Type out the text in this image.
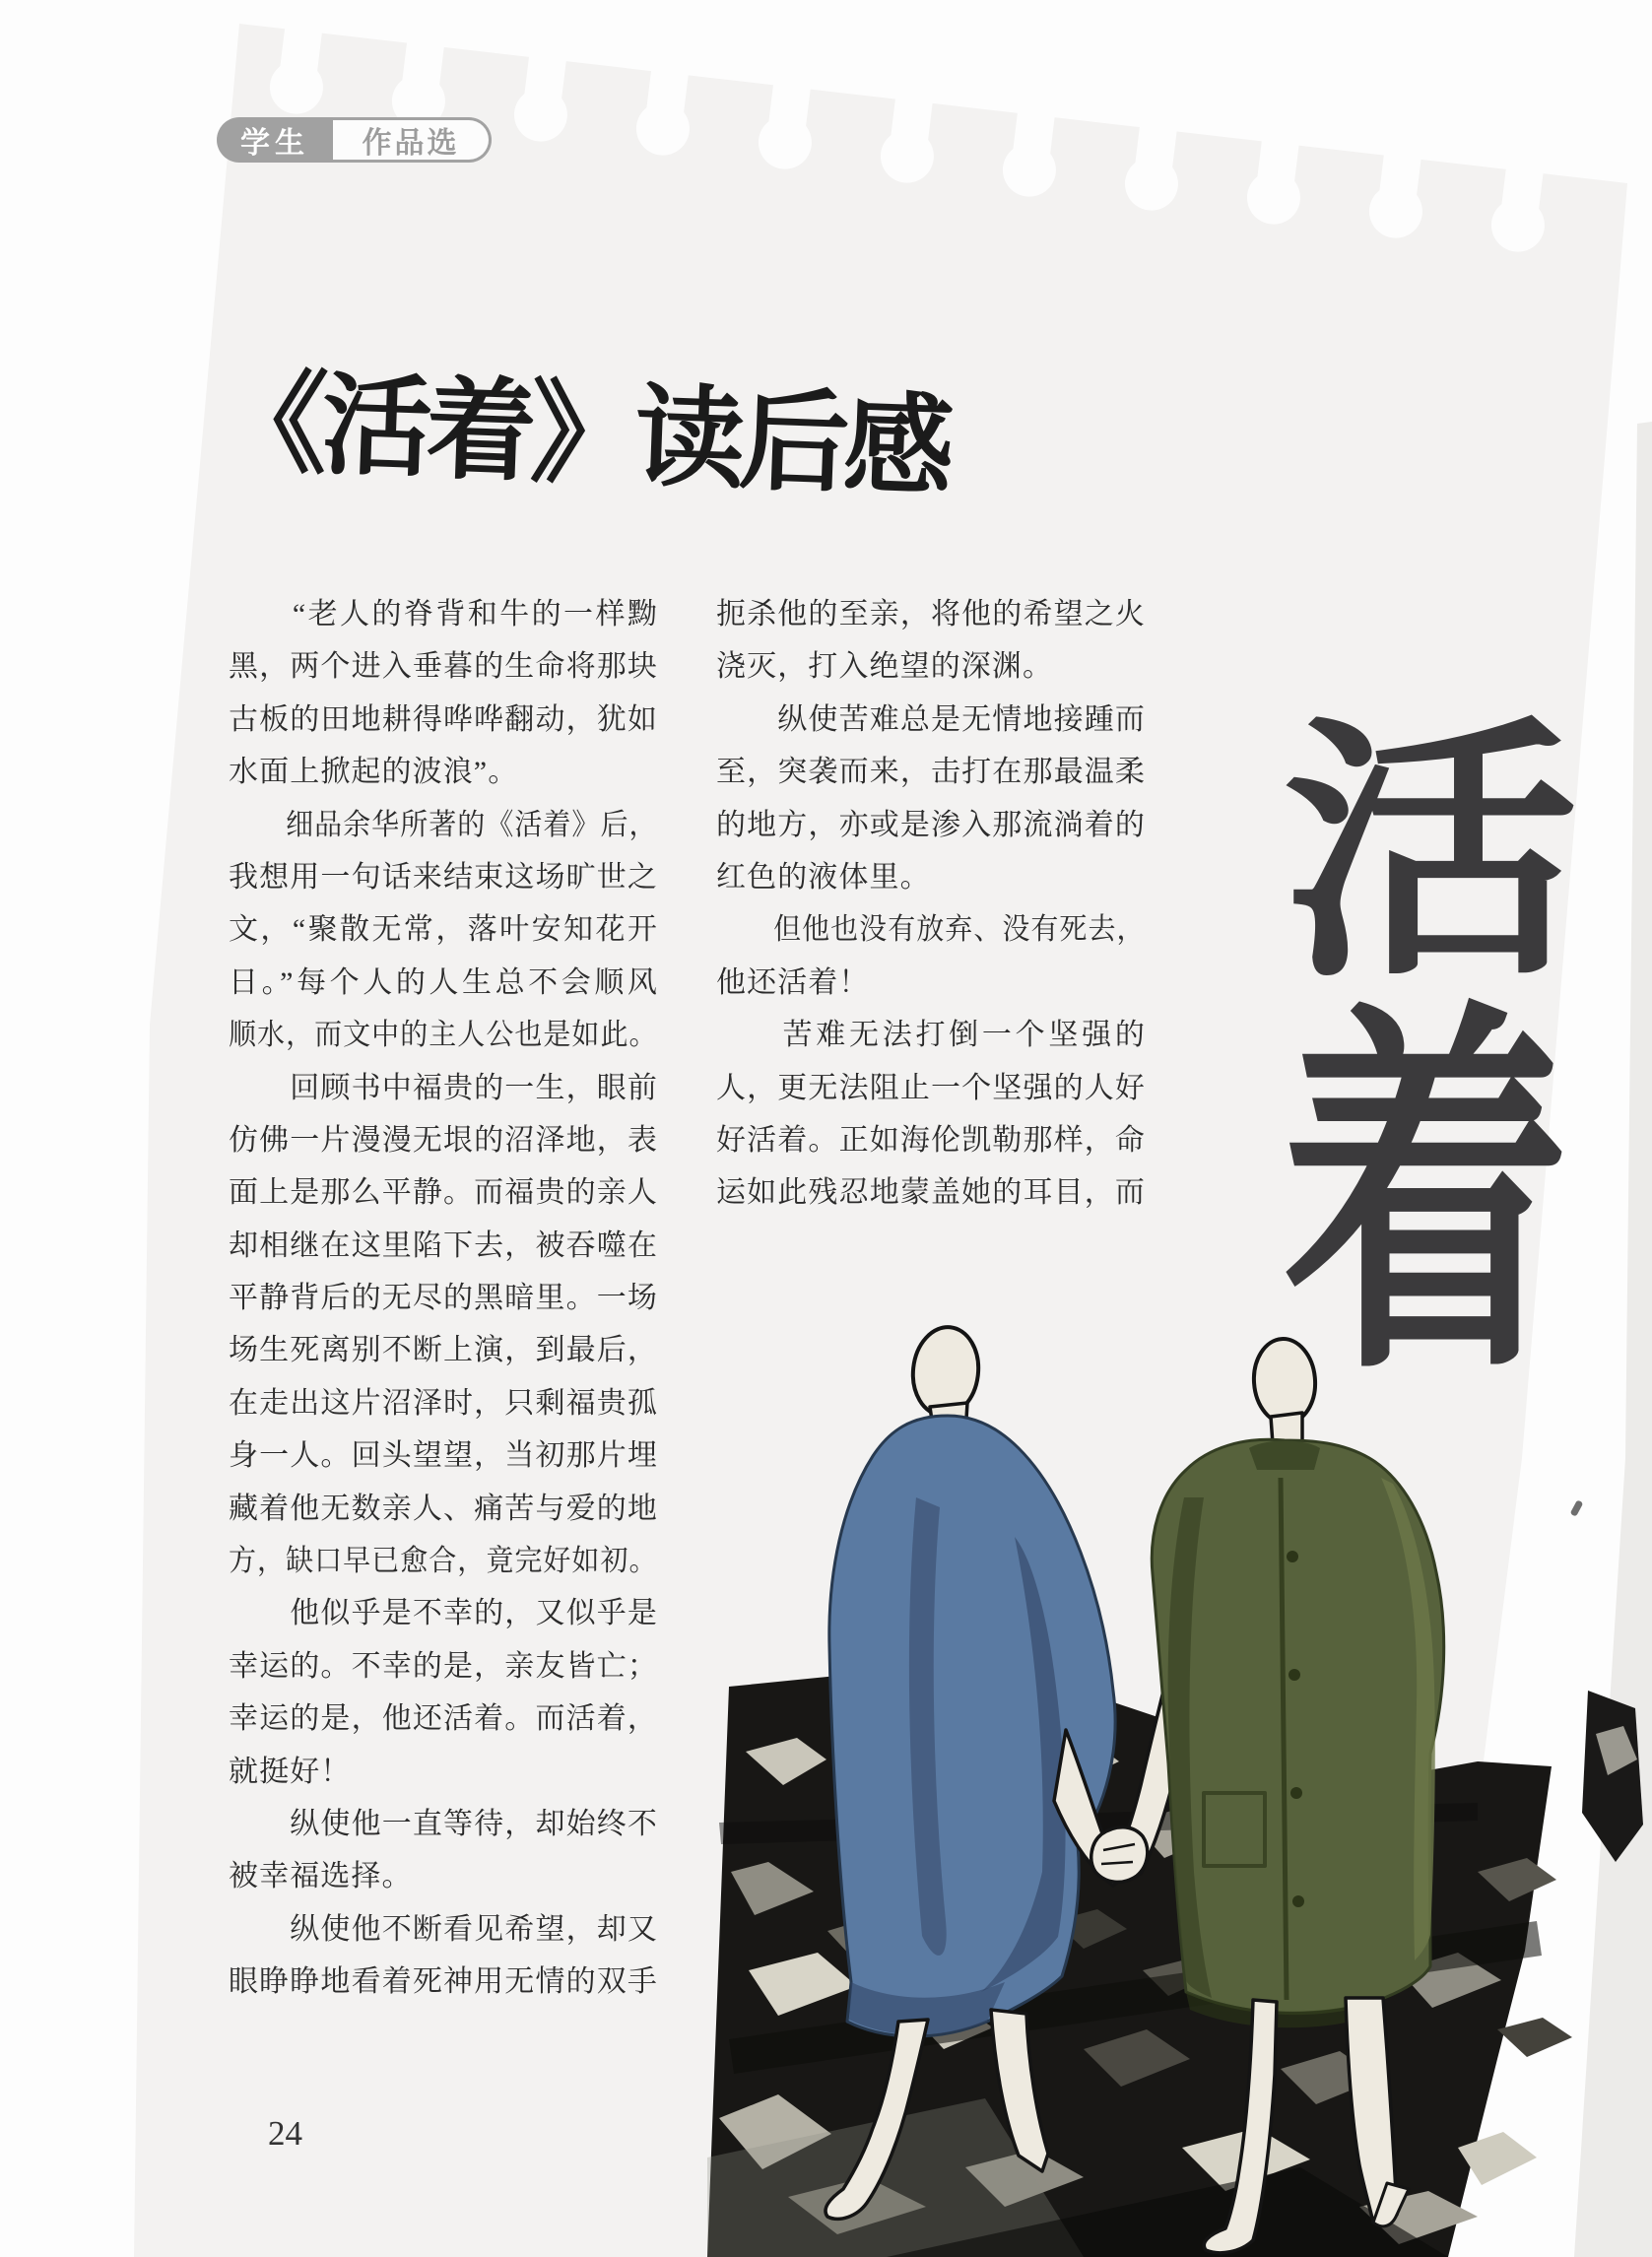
学生	作品选
《活着》读后感
　　“老人的脊背和牛的一样黝
黑，两个进入垂暮的生命将那块
古板的田地耕得哗哗翻动，犹如
水面上掀起的波浪”。
　　细品余华所著的《活着》后，
我想用一句话来结束这场旷世之
文，“聚散无常，落叶安知花开
日。”每个人的人生总不会顺风
顺水，而文中的主人公也是如此。
　　回顾书中福贵的一生，眼前
仿佛一片漫漫无垠的沼泽地，表
面上是那么平静。而福贵的亲人
却相继在这里陷下去，被吞噬在
平静背后的无尽的黑暗里。一场
场生死离别不断上演，到最后，
在走出这片沼泽时，只剩福贵孤
身一人。回头望望，当初那片埋
藏着他无数亲人、痛苦与爱的地
方，缺口早已愈合，竟完好如初。
　　他似乎是不幸的，又似乎是
幸运的。不幸的是，亲友皆亡；
幸运的是，他还活着。而活着，
就挺好！
　　纵使他一直等待，却始终不
被幸福选择。
　　纵使他不断看见希望，却又
眼睁睁地看着死神用无情的双手
扼杀他的至亲，将他的希望之火
浇灭，打入绝望的深渊。
　　纵使苦难总是无情地接踵而
至，突袭而来，击打在那最温柔
的地方，亦或是渗入那流淌着的
红色的液体里。
　　但他也没有放弃、没有死去，
他还活着！
　　苦难无法打倒一个坚强的
人，更无法阻止一个坚强的人好
好活着。正如海伦凯勒那样，命
运如此残忍地蒙盖她的耳目，而
活
着
24
